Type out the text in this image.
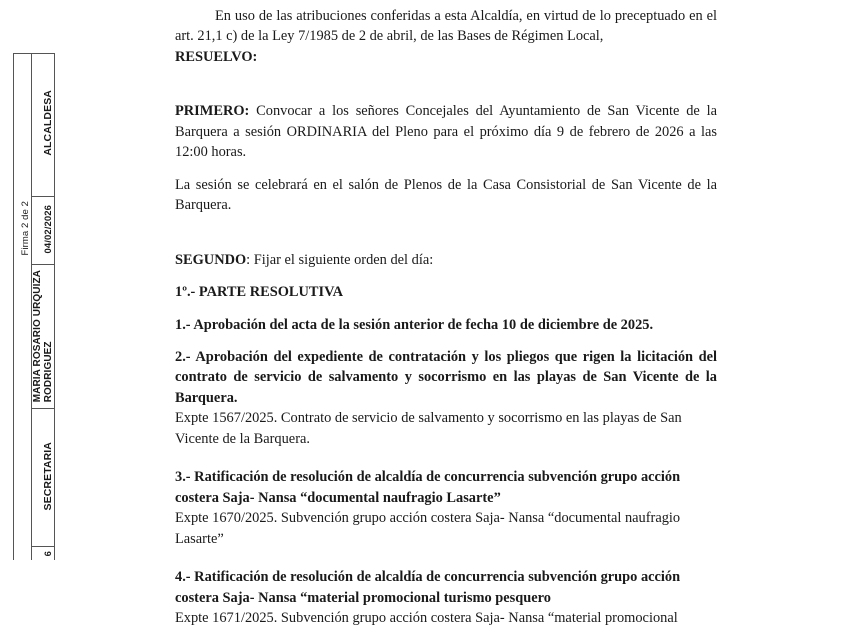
Firma 2 de 2
ALCALDESA
04/02/2026
MARIA ROSARIO URQUIZA RODRIGUEZ
SECRETARIA
6

En uso de las atribuciones conferidas a esta Alcaldía, en virtud de lo preceptuado en el art. 21,1 c) de la Ley 7/1985 de 2 de abril, de las Bases de Régimen Local,

RESUELVO:

PRIMERO: Convocar a los señores Concejales del Ayuntamiento de San Vicente de la Barquera a sesión ORDINARIA del Pleno para el próximo día 9 de febrero de 2026 a las 12:00 horas.

La sesión se celebrará en el salón de Plenos de la Casa Consistorial de San Vicente de la Barquera.

SEGUNDO: Fijar el siguiente orden del día:

1º.- PARTE RESOLUTIVA

1.- Aprobación del acta de la sesión anterior de fecha 10 de diciembre de 2025.

2.- Aprobación del expediente de contratación y los pliegos que rigen la licitación del contrato de servicio de salvamento y socorrismo en las playas de San Vicente de la Barquera.

Expte 1567/2025. Contrato de servicio de salvamento y socorrismo en las playas de San Vicente de la Barquera.

3.- Ratificación de resolución de alcaldía de concurrencia subvención grupo acción costera Saja- Nansa “documental naufragio Lasarte”

Expte 1670/2025. Subvención grupo acción costera Saja- Nansa “documental naufragio Lasarte”

4.- Ratificación de resolución de alcaldía de concurrencia subvención grupo acción costera Saja- Nansa “material promocional turismo pesquero

Expte 1671/2025. Subvención grupo acción costera Saja- Nansa “material promocional
